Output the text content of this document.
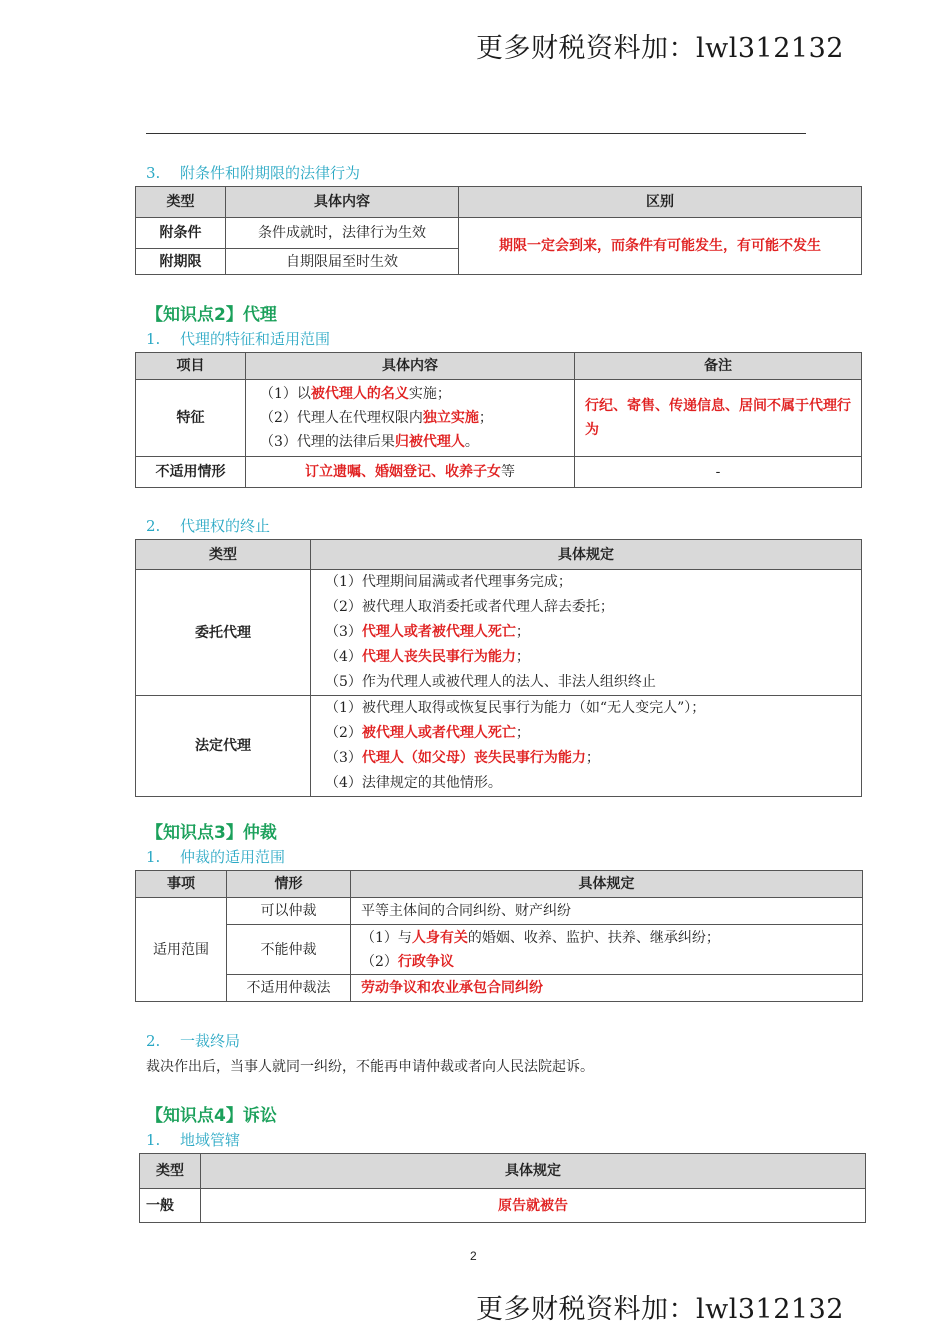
更多财税资料加：lwl312132
3. 附条件和附期限的法律行为
类型	具体内容	区别
附条件	条件成就时，法律行为生效	期限一定会到来，而条件有可能发生，有可能不发生
附期限	自期限届至时生效	
【知识点2】代理
1. 代理的特征和适用范围
项目	具体内容	备注
特征	（1）以被代理人的名义实施；
（2）代理人在代理权限内独立实施；
（3）代理的法律后果归被代理人。	行纪、寄售、传递信息、居间不属于代理行为
不适用情形	订立遗嘱、婚姻登记、收养子女等	-
2. 代理权的终止
类型	具体规定
委托代理	（1）代理期间届满或者代理事务完成；
（2）被代理人取消委托或者代理人辞去委托；
（3）代理人或者被代理人死亡；
（4）代理人丧失民事行为能力；
（5）作为代理人或被代理人的法人、非法人组织终止

法定代理	（1）被代理人取得或恢复民事行为能力（如“无人变完人”）；
（2）被代理人或者代理人死亡；
（3）代理人（如父母）丧失民事行为能力；
（4）法律规定的其他情形。
【知识点3】仲裁
1. 仲裁的适用范围
事项	情形	具体规定
适用范围	可以仲裁	平等主体间的合同纠纷、财产纠纷
	不能仲裁	（1）与人身有关的婚姻、收养、监护、扶养、继承纠纷；
（2）行政争议

	不适用仲裁法	劳动争议和农业承包合同纠纷
2. 一裁终局
裁决作出后，当事人就同一纠纷，不能再申请仲裁或者向人民法院起诉。
【知识点4】诉讼
1. 地域管辖
类型	具体规定
一般	原告就被告
2
更多财税资料加：lwl312132
